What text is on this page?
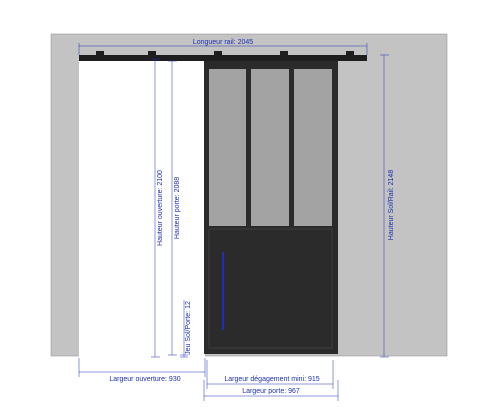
Longueur rail: 2045
Hauteur ouverture: 2100 Hauteur porte: 2088
Jeu Sol/Porte: 12
Hauteur Sol/Rail: 2148
Largeur ouverture: 930	Largeur dégagement mini: 915
Largeur porte: 967
